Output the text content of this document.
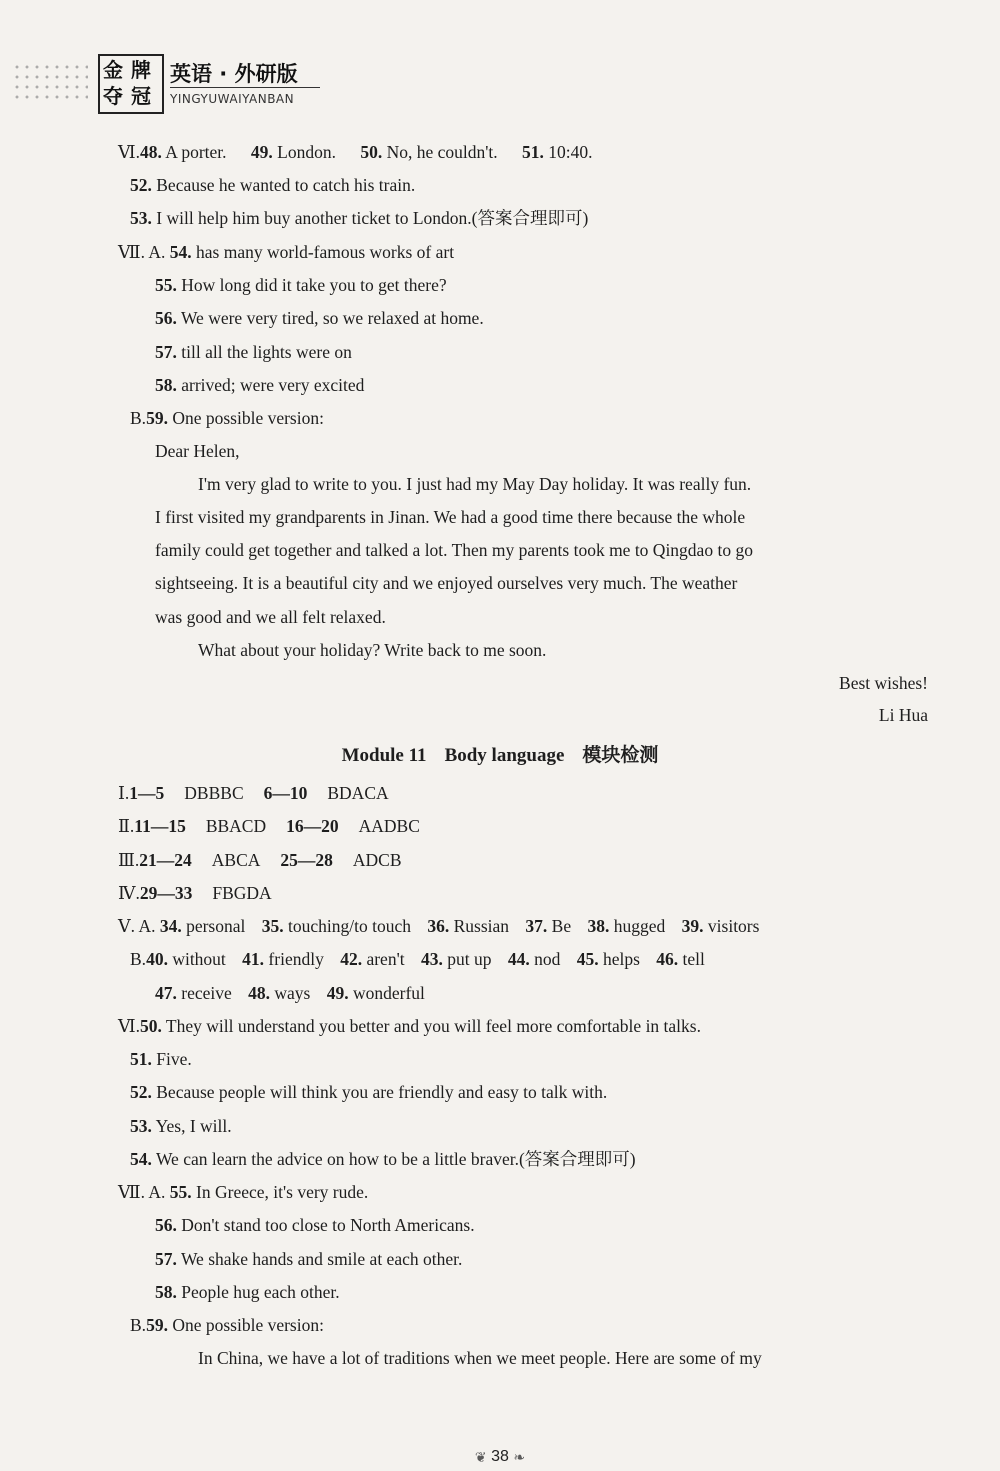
金 牌
夺 冠
英语 · 外研版
YINGYUWAIYANBAN
Ⅵ.48. A porter. 49. London. 50. No, he couldn't. 51. 10:40.
52. Because he wanted to catch his train.
53. I will help him buy another ticket to London.(答案合理即可)
Ⅶ. A. 54. has many world-famous works of art
55. How long did it take you to get there?
56. We were very tired, so we relaxed at home.
57. till all the lights were on
58. arrived; were very excited
B.59. One possible version:
Dear Helen,
I'm very glad to write to you. I just had my May Day holiday. It was really fun.
I first visited my grandparents in Jinan. We had a good time there because the whole
family could get together and talked a lot. Then my parents took me to Qingdao to go
sightseeing. It is a beautiful city and we enjoyed ourselves very much. The weather
was good and we all felt relaxed.
What about your holiday? Write back to me soon.
Best wishes!
Li Hua
Module 11 Body language 模块检测
Ⅰ.1—5 DBBBC 6—10 BDACA
Ⅱ.11—15 BBACD 16—20 AADBC
Ⅲ.21—24 ABCA 25—28 ADCB
Ⅳ.29—33 FBGDA
Ⅴ. A. 34. personal 35. touching/to touch 36. Russian 37. Be 38. hugged 39. visitors
B.40. without 41. friendly 42. aren't 43. put up 44. nod 45. helps 46. tell
47. receive 48. ways 49. wonderful
Ⅵ.50. They will understand you better and you will feel more comfortable in talks.
51. Five.
52. Because people will think you are friendly and easy to talk with.
53. Yes, I will.
54. We can learn the advice on how to be a little braver.(答案合理即可)
Ⅶ. A. 55. In Greece, it's very rude.
56. Don't stand too close to North Americans.
57. We shake hands and smile at each other.
58. People hug each other.
B.59. One possible version:
In China, we have a lot of traditions when we meet people. Here are some of my
❦ 38 ❧
